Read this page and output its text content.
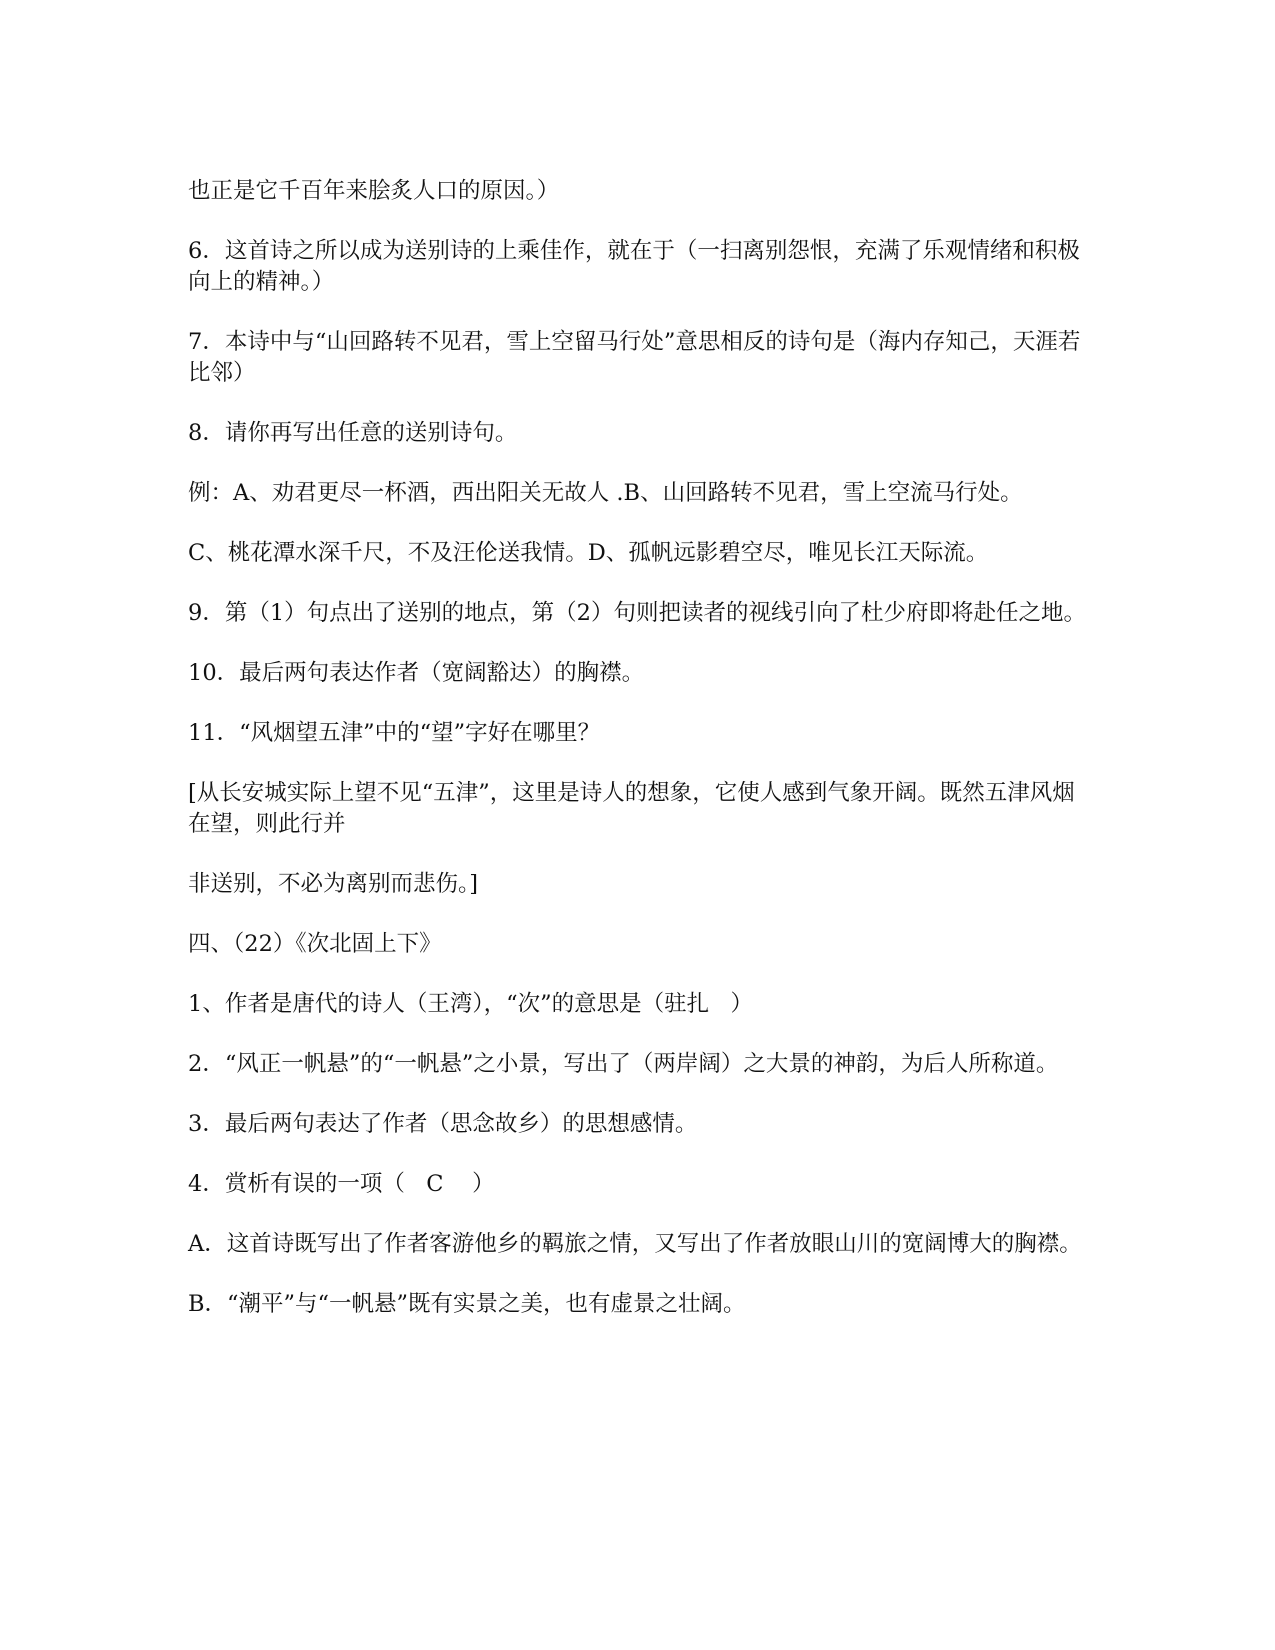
也正是它千百年来脍炙人口的原因。）

6．这首诗之所以成为送别诗的上乘佳作，就在于（一扫离别怨恨，充满了乐观情绪和积极向上的精神。）

7．本诗中与“山回路转不见君，雪上空留马行处”意思相反的诗句是（海内存知己，天涯若比邻）

8．请你再写出任意的送别诗句。

例：A、劝君更尽一杯酒，西出阳关无故人 .B、山回路转不见君，雪上空流马行处。

C、桃花潭水深千尺，不及汪伦送我情。D、孤帆远影碧空尽，唯见长江天际流。

9．第（1）句点出了送别的地点，第（2）句则把读者的视线引向了杜少府即将赴任之地。

10．最后两句表达作者（宽阔豁达）的胸襟。

11．“风烟望五津”中的“望”字好在哪里？

[从长安城实际上望不见“五津”，这里是诗人的想象，它使人感到气象开阔。既然五津风烟在望，则此行并

非送别，不必为离别而悲伤。]

四、（22）《次北固上下》

1、作者是唐代的诗人（王湾），“次”的意思是（驻扎   ）

2．“风正一帆悬”的“一帆悬”之小景，写出了（两岸阔）之大景的神韵，为后人所称道。

3．最后两句表达了作者（思念故乡）的思想感情。

4．赏析有误的一项（   C    ）

A．这首诗既写出了作者客游他乡的羁旅之情，又写出了作者放眼山川的宽阔博大的胸襟。

B．“潮平”与“一帆悬”既有实景之美，也有虚景之壮阔。
